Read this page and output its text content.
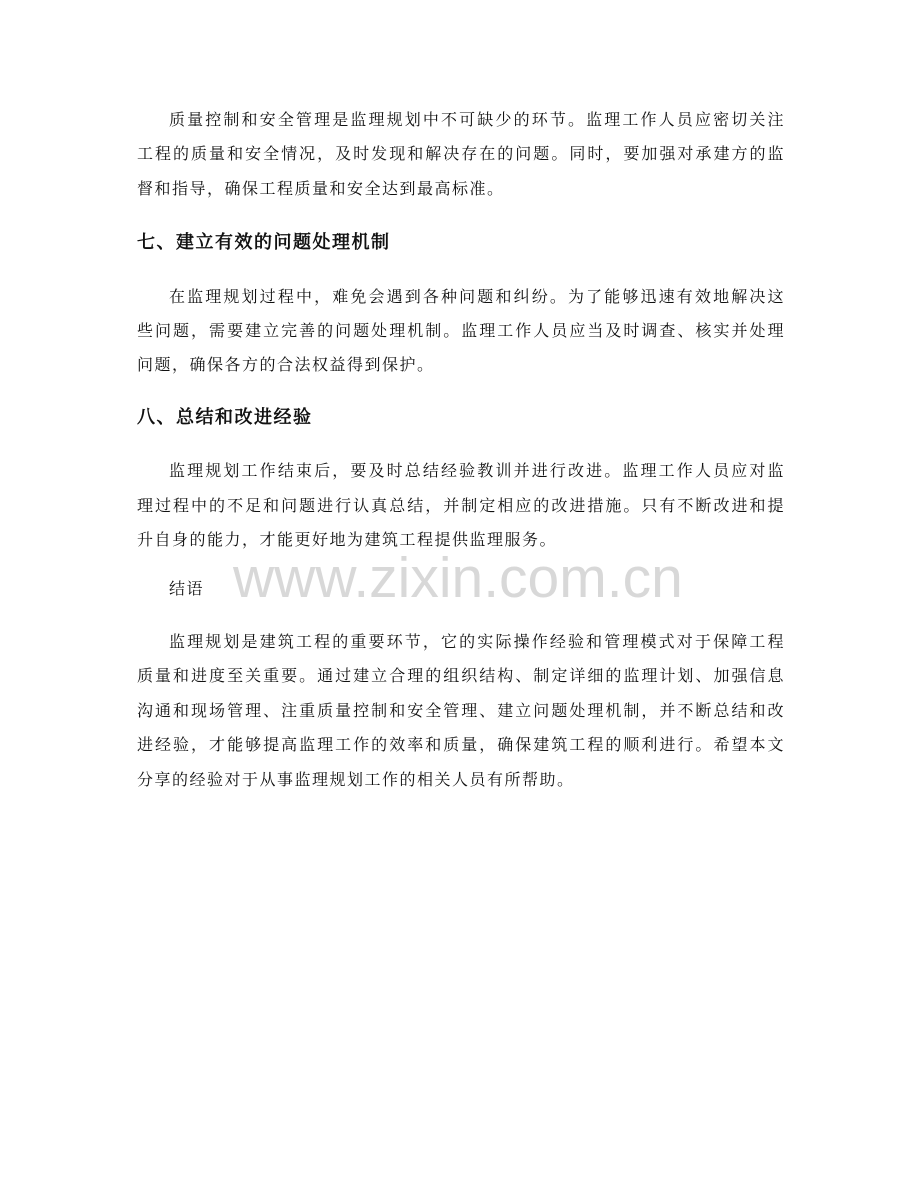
质量控制和安全管理是监理规划中不可缺少的环节。监理工作人员应密切关注
工程的质量和安全情况，及时发现和解决存在的问题。同时，要加强对承建方的监
督和指导，确保工程质量和安全达到最高标准。

七、建立有效的问题处理机制

在监理规划过程中，难免会遇到各种问题和纠纷。为了能够迅速有效地解决这
些问题，需要建立完善的问题处理机制。监理工作人员应当及时调查、核实并处理
问题，确保各方的合法权益得到保护。

八、总结和改进经验

监理规划工作结束后，要及时总结经验教训并进行改进。监理工作人员应对监
理过程中的不足和问题进行认真总结，并制定相应的改进措施。只有不断改进和提
升自身的能力，才能更好地为建筑工程提供监理服务。

结语

监理规划是建筑工程的重要环节，它的实际操作经验和管理模式对于保障工程
质量和进度至关重要。通过建立合理的组织结构、制定详细的监理计划、加强信息
沟通和现场管理、注重质量控制和安全管理、建立问题处理机制，并不断总结和改
进经验，才能够提高监理工作的效率和质量，确保建筑工程的顺利进行。希望本文
分享的经验对于从事监理规划工作的相关人员有所帮助。

www.zixin.com.cn
